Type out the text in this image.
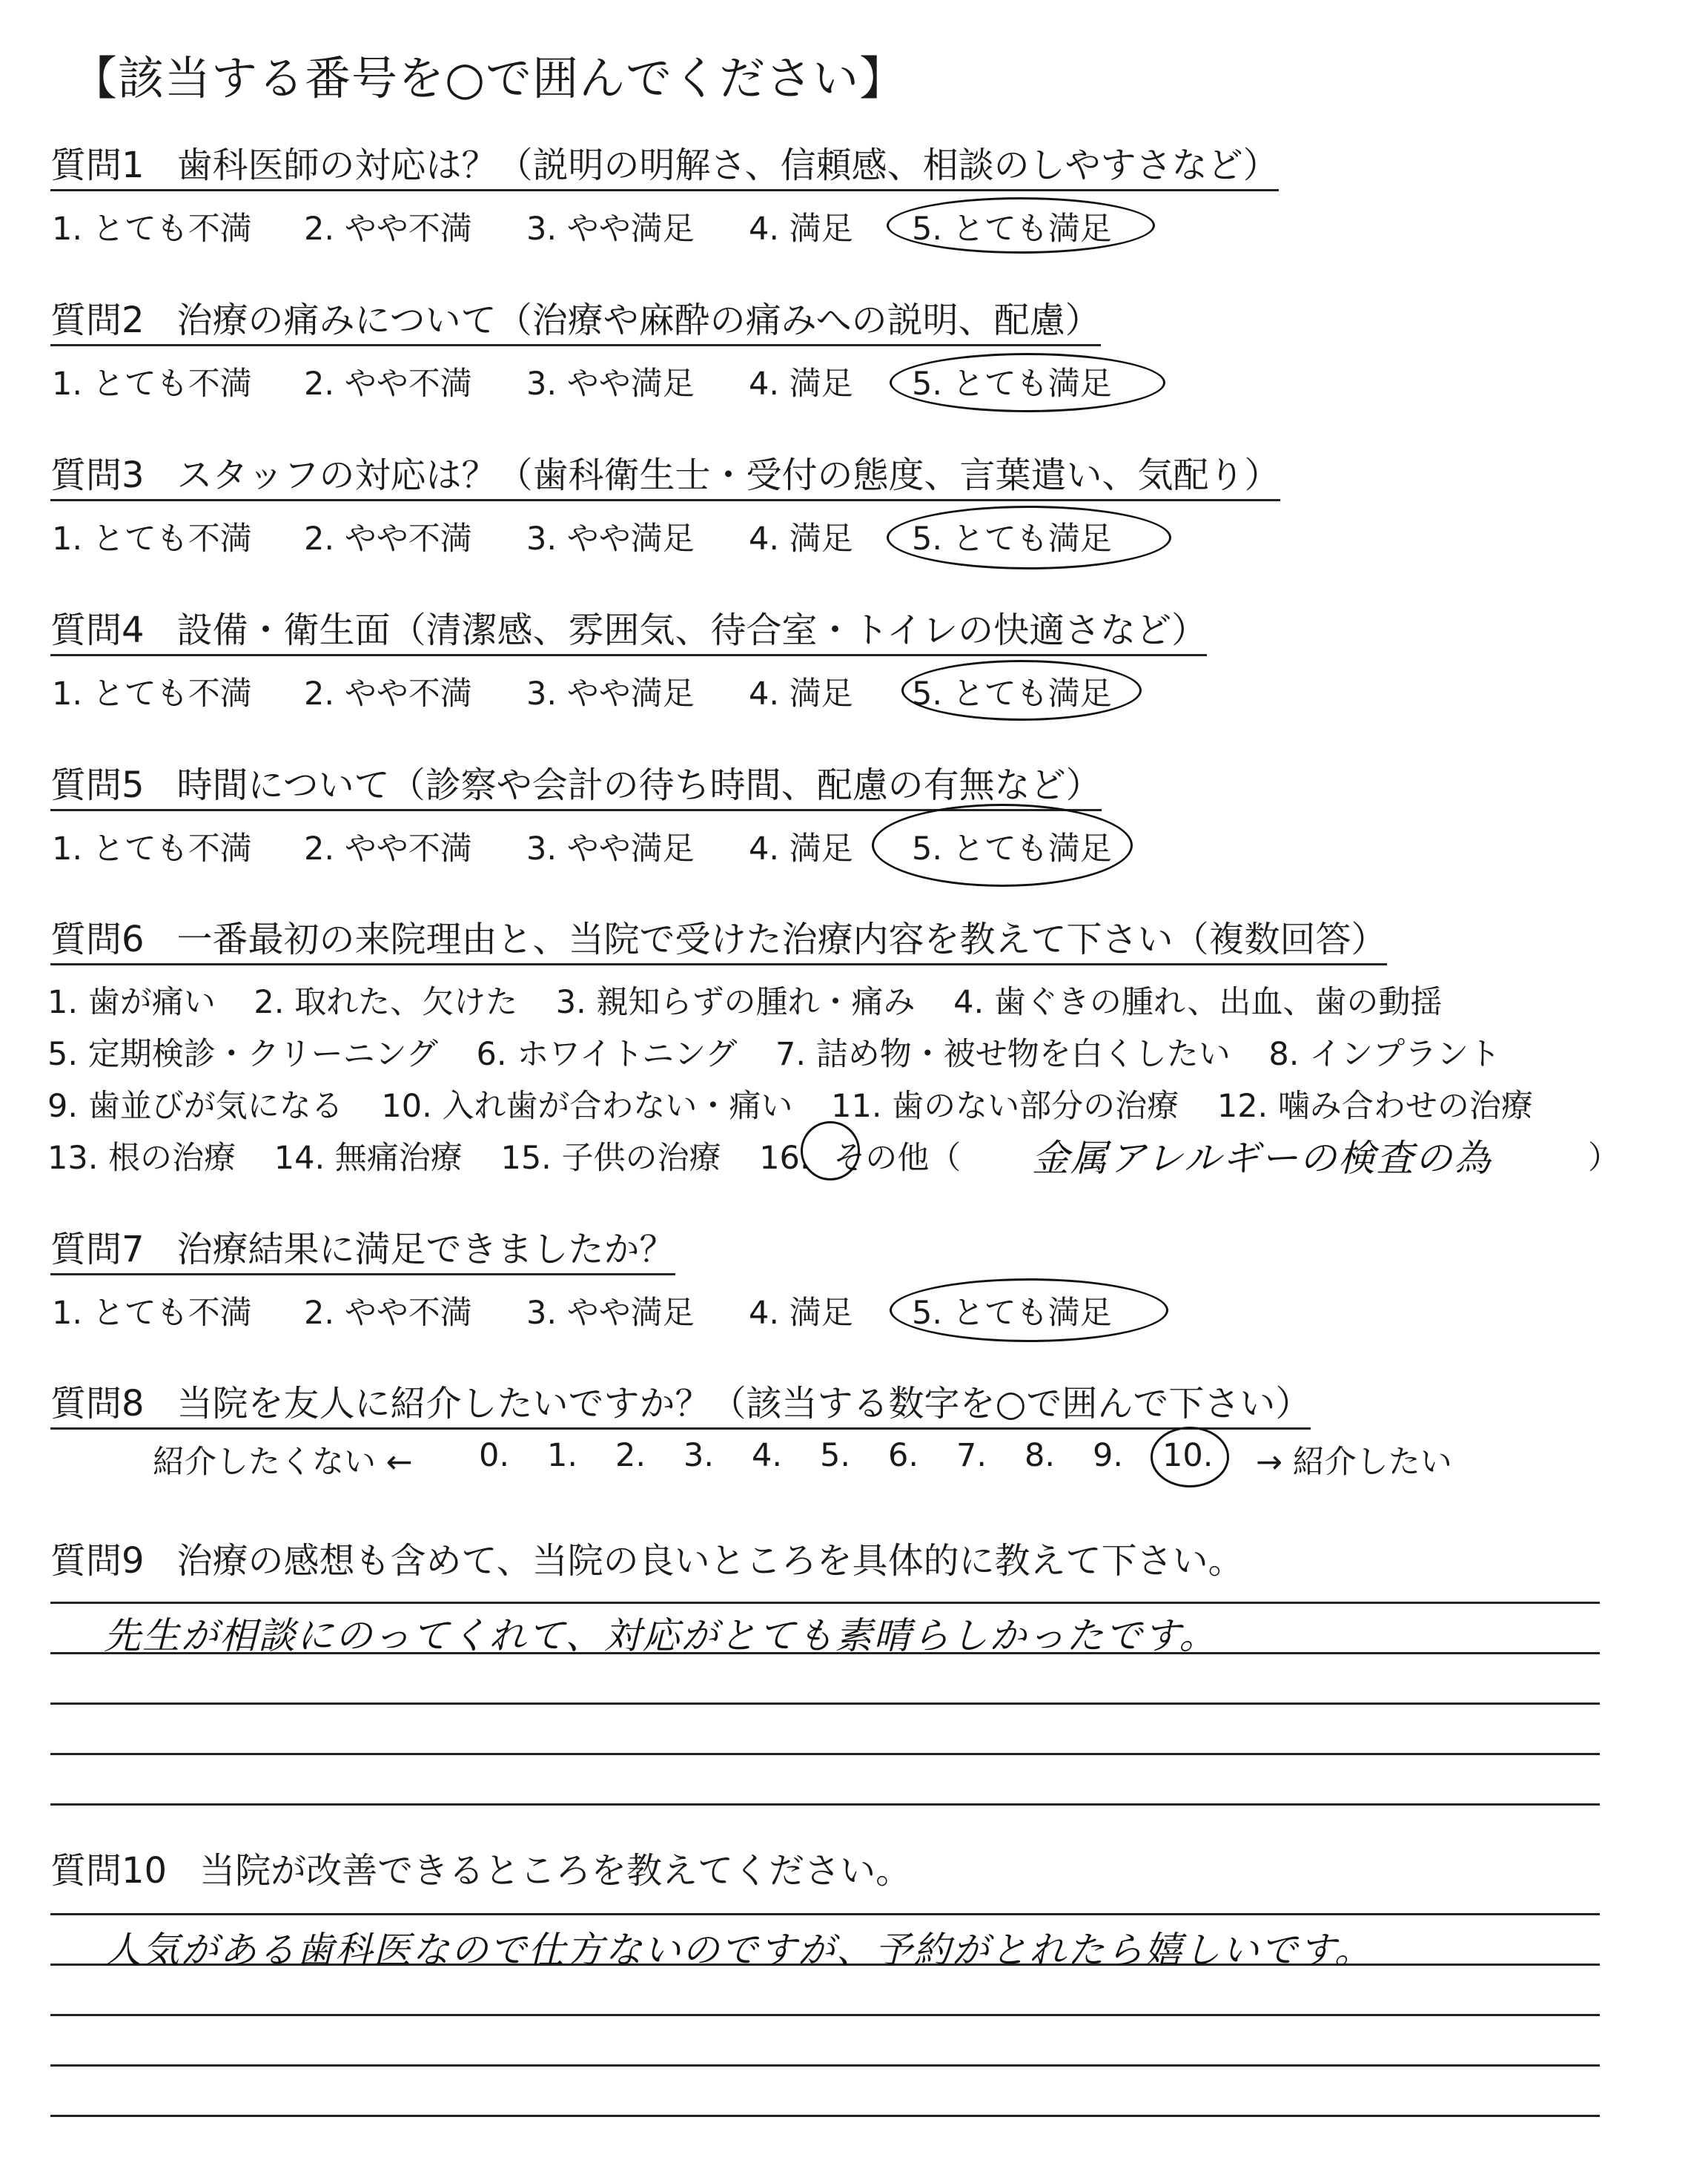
【該当する番号を○で囲んでください】
質問1 歯科医師の対応は？（説明の明解さ、信頼感、相談のしやすさなど）
1. とても不満 2. やや不満 3. やや満足 4. 満足 5. とても満足
質問2 治療の痛みについて（治療や麻酔の痛みへの説明、配慮）
1. とても不満 2. やや不満 3. やや満足 4. 満足 5. とても満足
質問3 スタッフの対応は？（歯科衛生士・受付の態度、言葉遣い、気配り）
1. とても不満 2. やや不満 3. やや満足 4. 満足 5. とても満足
質問4 設備・衛生面（清潔感、雰囲気、待合室・トイレの快適さなど）
1. とても不満 2. やや不満 3. やや満足 4. 満足 5. とても満足
質問5 時間について（診察や会計の待ち時間、配慮の有無など）
1. とても不満 2. やや不満 3. やや満足 4. 満足 5. とても満足
質問6 一番最初の来院理由と、当院で受けた治療内容を教えて下さい（複数回答）
1. 歯が痛い 2. 取れた、欠けた 3. 親知らずの腫れ・痛み 4. 歯ぐきの腫れ、出血、歯の動揺
5. 定期検診・クリーニング 6. ホワイトニング 7. 詰め物・被せ物を白くしたい 8. インプラント
9. 歯並びが気になる 10. 入れ歯が合わない・痛い 11. 歯のない部分の治療 12. 噛み合わせの治療
13. 根の治療 14. 無痛治療 15. 子供の治療 16. その他（	）
金属アレルギーの検査の為
質問7 治療結果に満足できましたか？
1. とても不満 2. やや不満 3. やや満足 4. 満足 5. とても満足
質問8 当院を友人に紹介したいですか？（該当する数字を○で囲んで下さい）
紹介したくない ← 0. 1. 2. 3. 4. 5. 6. 7. 8. 9. 10. → 紹介したい
質問9 治療の感想も含めて、当院の良いところを具体的に教えて下さい。
先生が相談にのってくれて、対応がとても素晴らしかったです。
質問10 当院が改善できるところを教えてください。
人気がある歯科医なので仕方ないのですが、予約がとれたら嬉しいです。
